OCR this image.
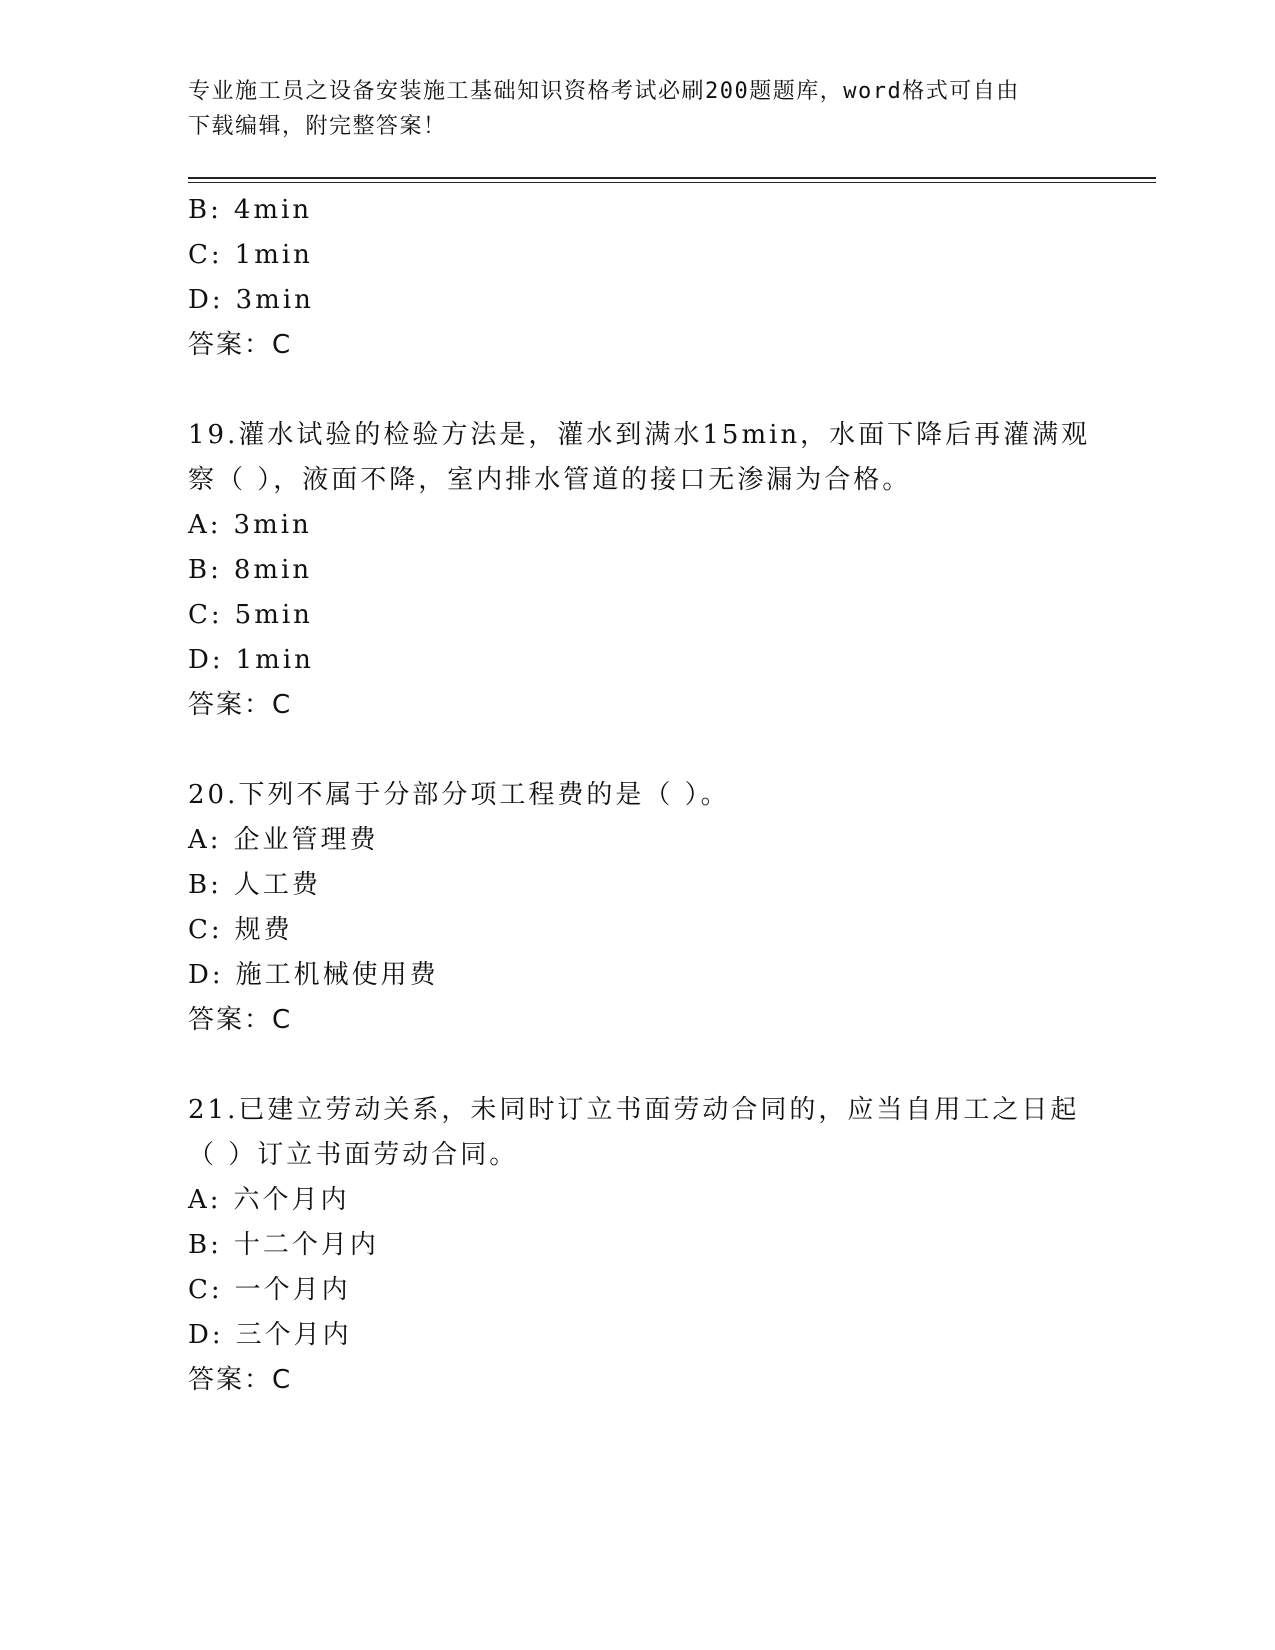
专业施工员之设备安装施工基础知识资格考试必刷200题题库，word格式可自由
下载编辑，附完整答案！
B: 4min
C: 1min
D: 3min
答案：C
19.灌水试验的检验方法是，灌水到满水15min，水面下降后再灌满观
察（ ），液面不降，室内排水管道的接口无渗漏为合格。
A: 3min
B: 8min
C: 5min
D: 1min
答案：C
20.下列不属于分部分项工程费的是（ ）。
A: 企业管理费
B: 人工费
C: 规费
D: 施工机械使用费
答案：C
21.已建立劳动关系，未同时订立书面劳动合同的，应当自用工之日起
（ ）订立书面劳动合同。
A: 六个月内
B: 十二个月内
C: 一个月内
D: 三个月内
答案：C
